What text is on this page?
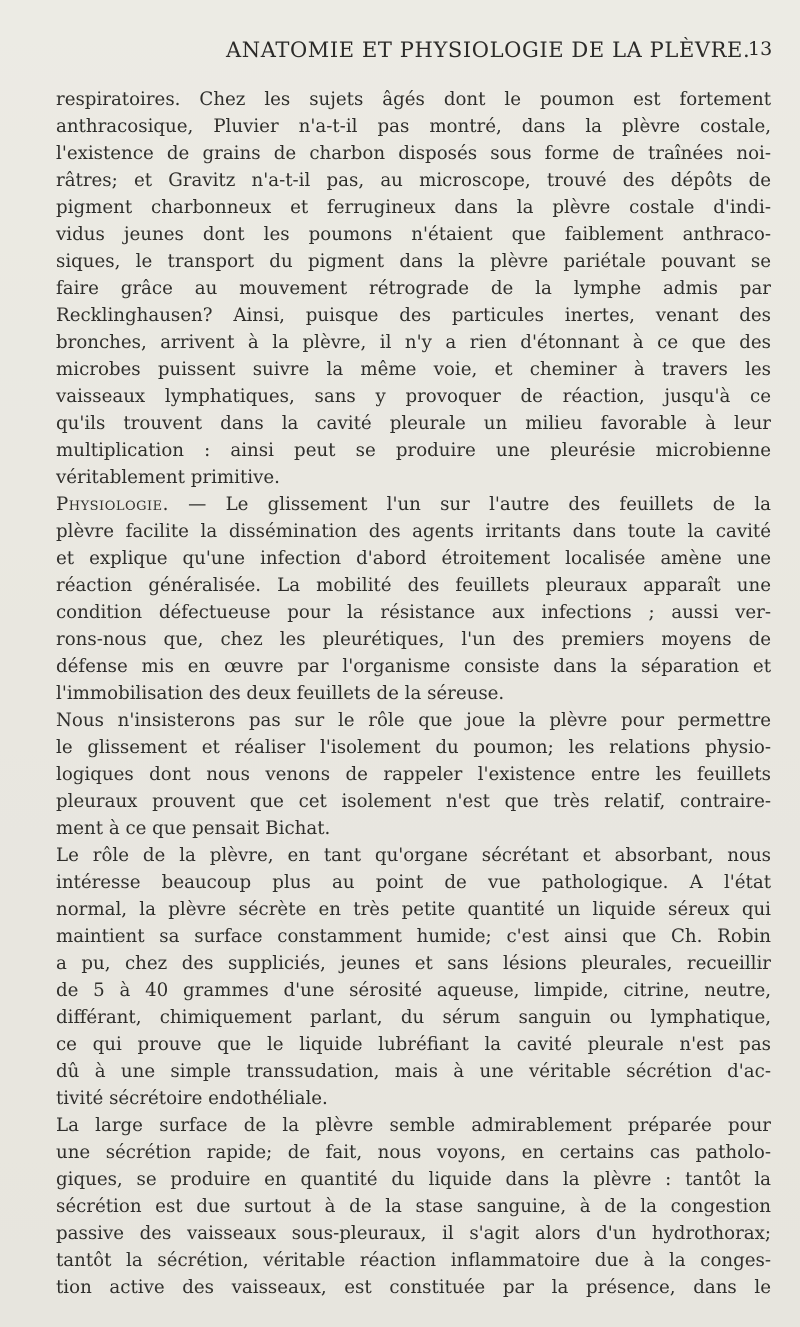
ANATOMIE ET PHYSIOLOGIE DE LA PLÈVRE.
13
respiratoires. Chez les sujets âgés dont le poumon est fortement
anthracosique, Pluvier n'a-t-il pas montré, dans la plèvre costale,
l'existence de grains de charbon disposés sous forme de traînées noi-
râtres; et Gravitz n'a-t-il pas, au microscope, trouvé des dépôts de
pigment charbonneux et ferrugineux dans la plèvre costale d'indi-
vidus jeunes dont les poumons n'étaient que faiblement anthraco-
siques, le transport du pigment dans la plèvre pariétale pouvant se
faire grâce au mouvement rétrograde de la lymphe admis par
Recklinghausen? Ainsi, puisque des particules inertes, venant des
bronches, arrivent à la plèvre, il n'y a rien d'étonnant à ce que des
microbes puissent suivre la même voie, et cheminer à travers les
vaisseaux lymphatiques, sans y provoquer de réaction, jusqu'à ce
qu'ils trouvent dans la cavité pleurale un milieu favorable à leur
multiplication : ainsi peut se produire une pleurésie microbienne
véritablement primitive.
Physiologie. — Le glissement l'un sur l'autre des feuillets de la
plèvre facilite la dissémination des agents irritants dans toute la cavité
et explique qu'une infection d'abord étroitement localisée amène une
réaction généralisée. La mobilité des feuillets pleuraux apparaît une
condition défectueuse pour la résistance aux infections ; aussi ver-
rons-nous que, chez les pleurétiques, l'un des premiers moyens de
défense mis en œuvre par l'organisme consiste dans la séparation et
l'immobilisation des deux feuillets de la séreuse.
Nous n'insisterons pas sur le rôle que joue la plèvre pour permettre
le glissement et réaliser l'isolement du poumon; les relations physio-
logiques dont nous venons de rappeler l'existence entre les feuillets
pleuraux prouvent que cet isolement n'est que très relatif, contraire-
ment à ce que pensait Bichat.
Le rôle de la plèvre, en tant qu'organe sécrétant et absorbant, nous
intéresse beaucoup plus au point de vue pathologique. A l'état
normal, la plèvre sécrète en très petite quantité un liquide séreux qui
maintient sa surface constamment humide; c'est ainsi que Ch. Robin
a pu, chez des suppliciés, jeunes et sans lésions pleurales, recueillir
de 5 à 40 grammes d'une sérosité aqueuse, limpide, citrine, neutre,
différant, chimiquement parlant, du sérum sanguin ou lymphatique,
ce qui prouve que le liquide lubréfiant la cavité pleurale n'est pas
dû à une simple transsudation, mais à une véritable sécrétion d'ac-
tivité sécrétoire endothéliale.
La large surface de la plèvre semble admirablement préparée pour
une sécrétion rapide; de fait, nous voyons, en certains cas patholo-
giques, se produire en quantité du liquide dans la plèvre : tantôt la
sécrétion est due surtout à de la stase sanguine, à de la congestion
passive des vaisseaux sous-pleuraux, il s'agit alors d'un hydrothorax;
tantôt la sécrétion, véritable réaction inflammatoire due à la conges-
tion active des vaisseaux, est constituée par la présence, dans le
